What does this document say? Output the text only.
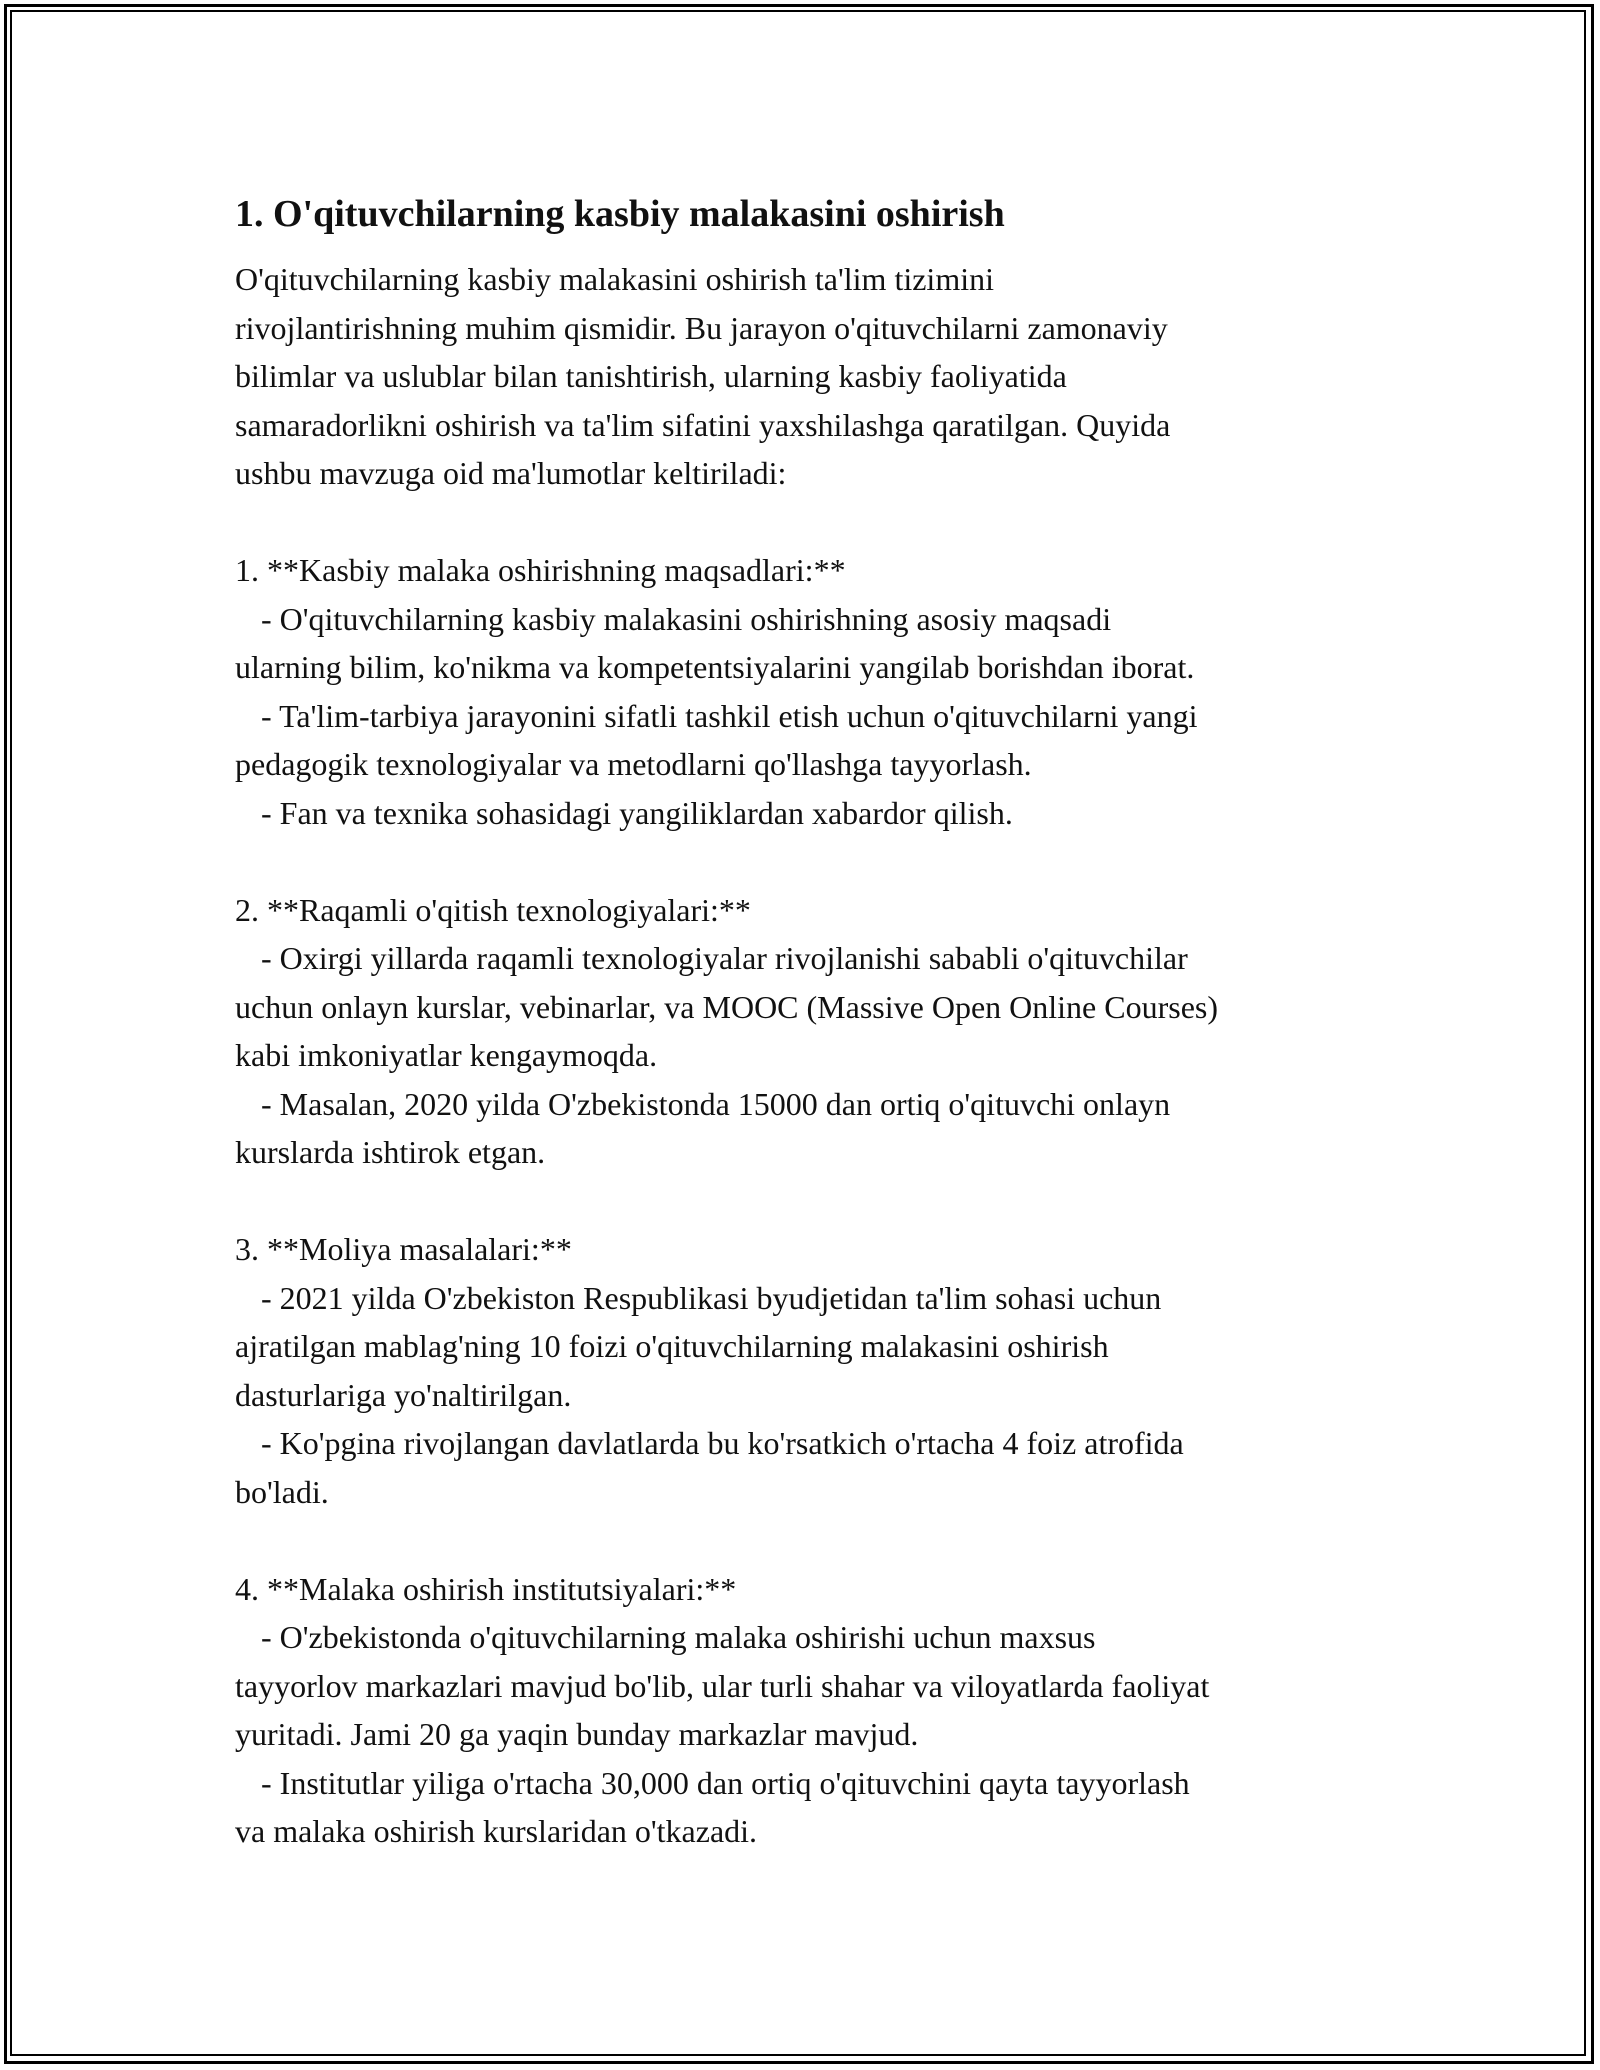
1. O'qituvchilarning kasbiy malakasini oshirish
O'qituvchilarning kasbiy malakasini oshirish ta'lim tizimini
rivojlantirishning muhim qismidir. Bu jarayon o'qituvchilarni zamonaviy
bilimlar va uslublar bilan tanishtirish, ularning kasbiy faoliyatida
samaradorlikni oshirish va ta'lim sifatini yaxshilashga qaratilgan. Quyida
ushbu mavzuga oid ma'lumotlar keltiriladi:
1. **Kasbiy malaka oshirishning maqsadlari:**
- O'qituvchilarning kasbiy malakasini oshirishning asosiy maqsadi
ularning bilim, ko'nikma va kompetentsiyalarini yangilab borishdan iborat.
- Ta'lim-tarbiya jarayonini sifatli tashkil etish uchun o'qituvchilarni yangi
pedagogik texnologiyalar va metodlarni qo'llashga tayyorlash.
- Fan va texnika sohasidagi yangiliklardan xabardor qilish.
2. **Raqamli o'qitish texnologiyalari:**
- Oxirgi yillarda raqamli texnologiyalar rivojlanishi sababli o'qituvchilar
uchun onlayn kurslar, vebinarlar, va MOOC (Massive Open Online Courses)
kabi imkoniyatlar kengaymoqda.
- Masalan, 2020 yilda O'zbekistonda 15000 dan ortiq o'qituvchi onlayn
kurslarda ishtirok etgan.
3. **Moliya masalalari:**
- 2021 yilda O'zbekiston Respublikasi byudjetidan ta'lim sohasi uchun
ajratilgan mablag'ning 10 foizi o'qituvchilarning malakasini oshirish
dasturlariga yo'naltirilgan.
- Ko'pgina rivojlangan davlatlarda bu ko'rsatkich o'rtacha 4 foiz atrofida
bo'ladi.
4. **Malaka oshirish institutsiyalari:**
- O'zbekistonda o'qituvchilarning malaka oshirishi uchun maxsus
tayyorlov markazlari mavjud bo'lib, ular turli shahar va viloyatlarda faoliyat
yuritadi. Jami 20 ga yaqin bunday markazlar mavjud.
- Institutlar yiliga o'rtacha 30,000 dan ortiq o'qituvchini qayta tayyorlash
va malaka oshirish kurslaridan o'tkazadi.
